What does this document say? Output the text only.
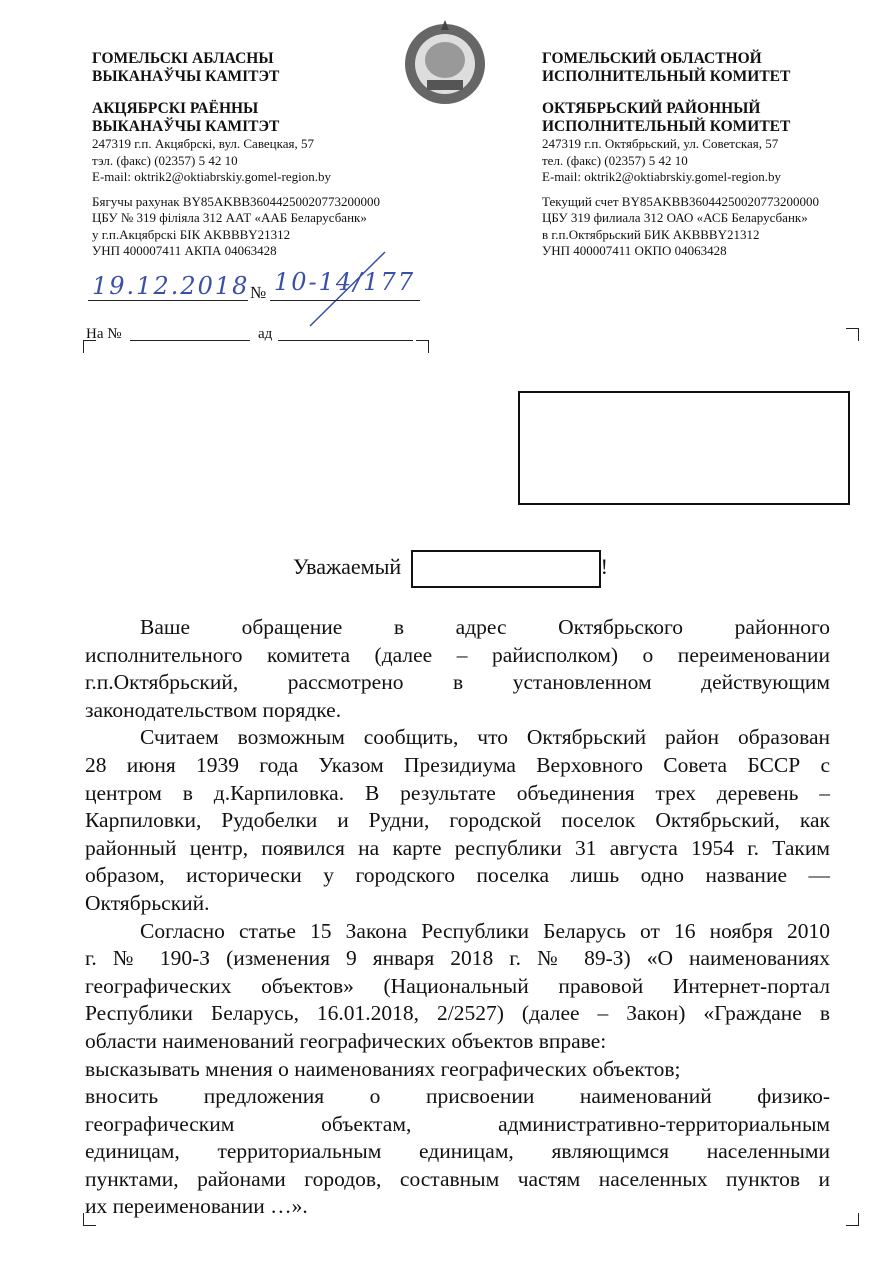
ГОМЕЛЬСКІ АБЛАСНЫ
ВЫКАНАЎЧЫ КАМІТЭТ
АКЦЯБРСКІ РАЁННЫ
ВЫКАНАЎЧЫ КАМІТЭТ
247319 г.п. Акцябрскі, вул. Савецкая, 57
тэл. (факс) (02357) 5 42 10
E-mail: oktrik2@oktiabrskiy.gomel-region.by
Бягучы рахунак BY85AKBB36044250020773200000
ЦБУ № 319 філіяла 312 ААТ «ААБ Беларусбанк»
у г.п.Акцябрскі БІК AKBBBY21312
УНП 400007411 АКПА 04063428
ГОМЕЛЬСКИЙ ОБЛАСТНОЙ
ИСПОЛНИТЕЛЬНЫЙ КОМИТЕТ
ОКТЯБРЬСКИЙ РАЙОННЫЙ
ИСПОЛНИТЕЛЬНЫЙ КОМИТЕТ
247319 г.п. Октябрьский, ул. Советская, 57
тел. (факс) (02357) 5 42 10
E-mail: oktrik2@oktiabrskiy.gomel-region.by
Текущий счет BY85AKBB36044250020773200000
ЦБУ 319 филиала 312 ОАО «АСБ Беларусбанк»
в г.п.Октябрьский БИК AKBBBY21312
УНП 400007411 ОКПО 04063428
19.12.2018 № 10-14/177
На №	ад
Уважаемый	!
Ваше обращение в адрес Октябрьского районного
исполнительного комитета (далее – райисполком) о переименовании
г.п.Октябрьский, рассмотрено в установленном действующим
законодательством порядке.
Считаем возможным сообщить, что Октябрьский район образован
28 июня 1939 года Указом Президиума Верховного Совета БССР с
центром в д.Карпиловка. В результате объединения трех деревень –
Карпиловки, Рудобелки и Рудни, городской поселок Октябрьский, как
районный центр, появился на карте республики 31 августа 1954 г. Таким
образом, исторически у городского поселка лишь одно название —
Октябрьский.
Согласно статье 15 Закона Республики Беларусь от 16 ноября 2010
г. № 190-З (изменения 9 января 2018 г. № 89-З) «О наименованиях
географических объектов» (Национальный правовой Интернет-портал
Республики Беларусь, 16.01.2018, 2/2527) (далее – Закон) «Граждане в
области наименований географических объектов вправе:
высказывать мнения о наименованиях географических объектов;
вносить предложения о присвоении наименований физико-
географическим объектам, административно-территориальным
единицам, территориальным единицам, являющимся населенными
пунктами, районами городов, составным частям населенных пунктов и
их переименовании …».
